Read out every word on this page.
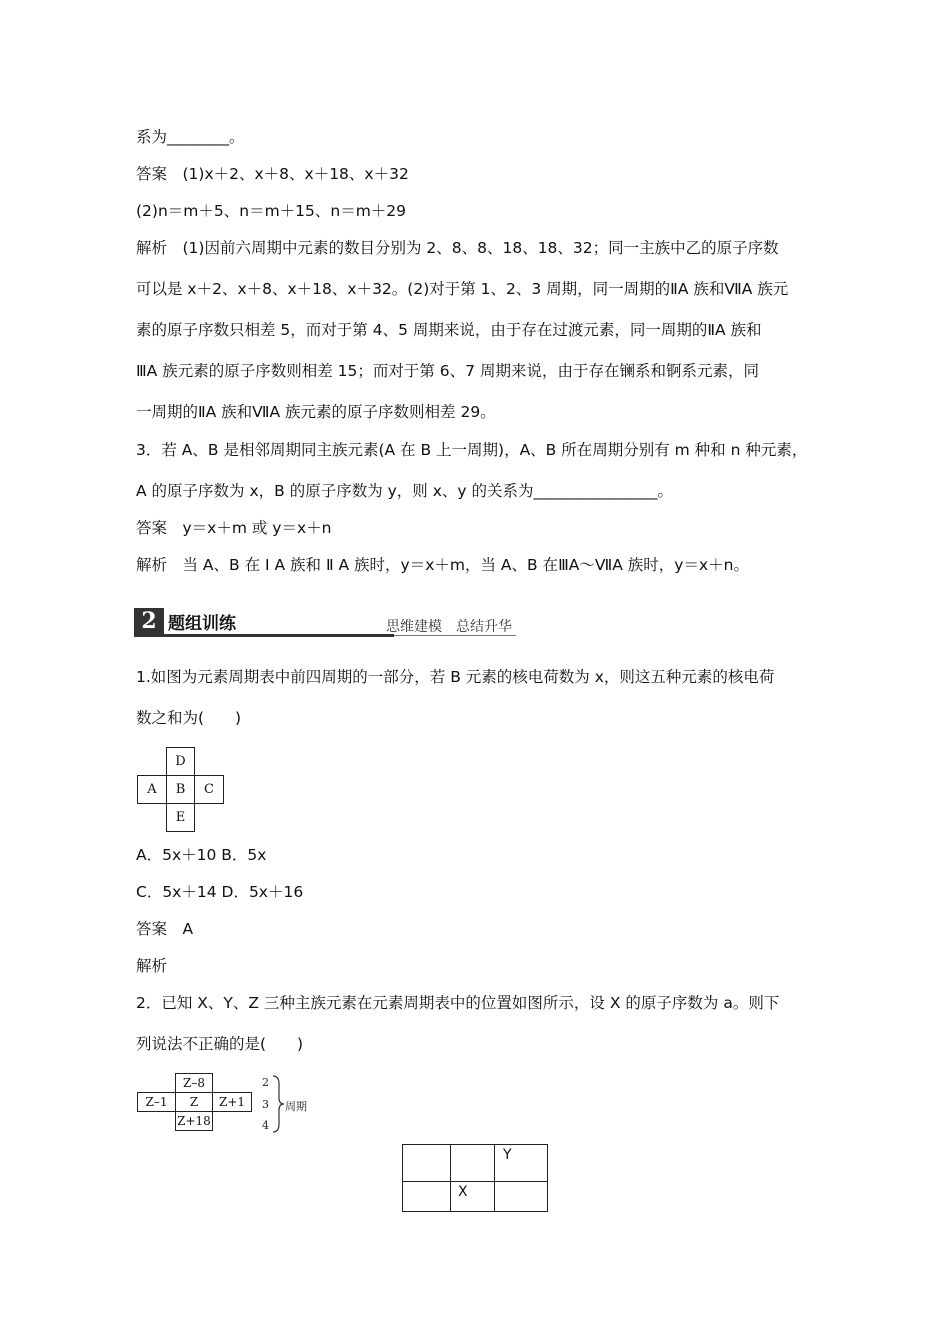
系为________。
答案　(1)x＋2、x＋8、x＋18、x＋32
(2)n＝m＋5、n＝m＋15、n＝m＋29
解析　(1)因前六周期中元素的数目分别为 2、8、8、18、18、32；同一主族中乙的原子序数
可以是 x＋2、x＋8、x＋18、x＋32。(2)对于第 1、2、3 周期，同一周期的ⅡA 族和ⅦA 族元
素的原子序数只相差 5，而对于第 4、5 周期来说，由于存在过渡元素，同一周期的ⅡA 族和
ⅢA 族元素的原子序数则相差 15；而对于第 6、7 周期来说，由于存在镧系和锕系元素，同
一周期的ⅡA 族和ⅦA 族元素的原子序数则相差 29。
3．若 A、B 是相邻周期同主族元素(A 在 B 上一周期)，A、B 所在周期分别有 m 种和 n 种元素，
A 的原子序数为 x，B 的原子序数为 y，则 x、y 的关系为________________。
答案　y＝x＋m 或 y＝x＋n
解析　当 A、B 在 Ⅰ A 族和 Ⅱ A 族时，y＝x＋m，当 A、B 在ⅢA～ⅦA 族时，y＝x＋n。
2 题组训练	思维建模　总结升华
1.如图为元素周期表中前四周期的一部分，若 B 元素的核电荷数为 x，则这五种元素的核电荷
数之和为(　　)
D
A	B	C
E
A．5x＋10 B．5x
C．5x＋14 D．5x＋16
答案　A
解析
2．已知 X、Y、Z 三种主族元素在元素周期表中的位置如图所示，设 X 的原子序数为 a。则下
列说法不正确的是(　　)
Z–8
Z–1	Z	Z+1
Z+18
2
3
4
周期
Y
X
